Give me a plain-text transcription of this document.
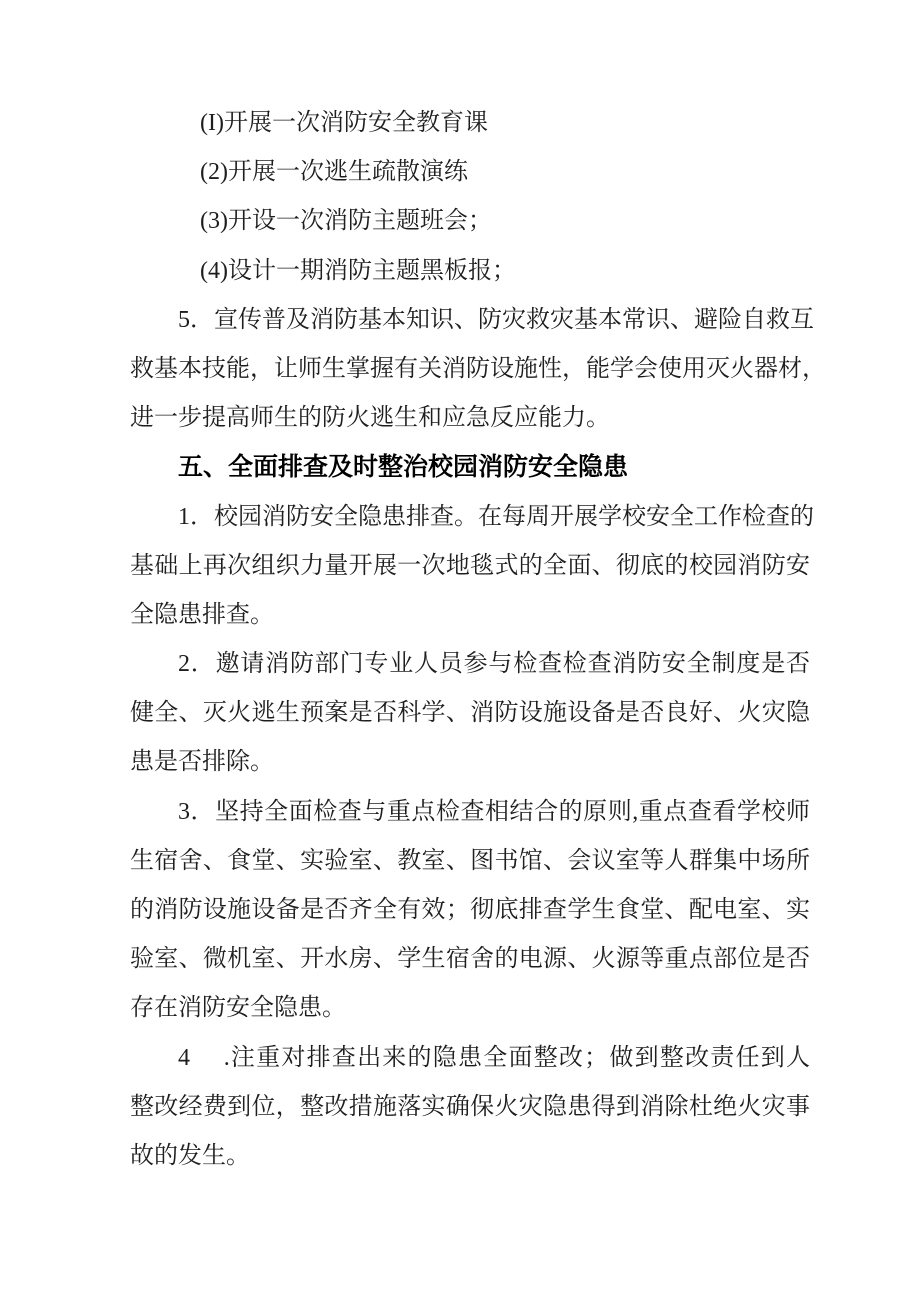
(I)开展一次消防安全教育课
(2)开展一次逃生疏散演练
(3)开设一次消防主题班会；
(4)设计一期消防主题黑板报；
5．宣传普及消防基本知识、防灾救灾基本常识、避险自救互
救基本技能，让师生掌握有关消防设施性，能学会使用灭火器材，
进一步提高师生的防火逃生和应急反应能力。
五、全面排查及时整治校园消防安全隐患
1．校园消防安全隐患排查。在每周开展学校安全工作检查的
基础上再次组织力量开展一次地毯式的全面、彻底的校园消防安
全隐患排查。
2．邀请消防部门专业人员参与检查检查消防安全制度是否
健全、灭火逃生预案是否科学、消防设施设备是否良好、火灾隐
患是否排除。
3．坚持全面检查与重点检查相结合的原则,重点查看学校师
生宿舍、食堂、实验室、教室、图书馆、会议室等人群集中场所
的消防设施设备是否齐全有效；彻底排查学生食堂、配电室、实
验室、微机室、开水房、学生宿舍的电源、火源等重点部位是否
存在消防安全隐患。
4　 .注重对排查出来的隐患全面整改；做到整改责任到人
整改经费到位，整改措施落实确保火灾隐患得到消除杜绝火灾事
故的发生。
